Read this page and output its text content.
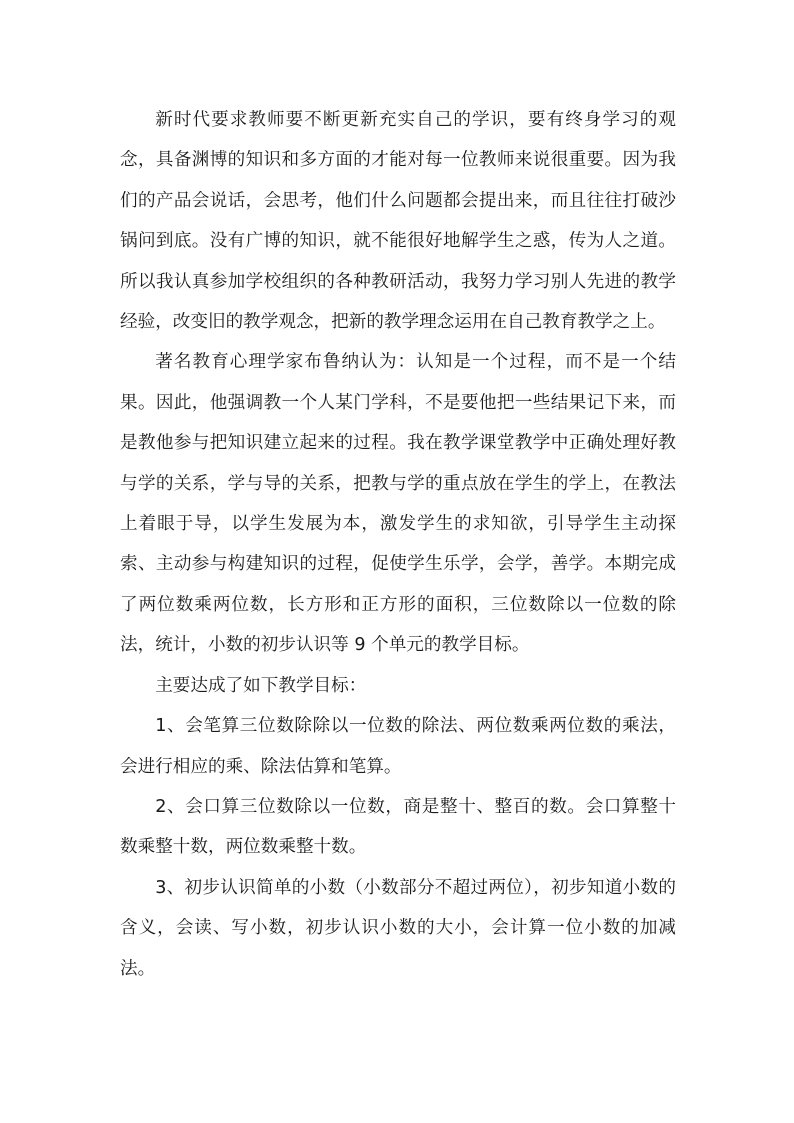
新时代要求教师要不断更新充实自己的学识，要有终身学习的观念，具备渊博的知识和多方面的才能对每一位教师来说很重要。因为我们的产品会说话，会思考，他们什么问题都会提出来，而且往往打破沙锅问到底。没有广博的知识，就不能很好地解学生之惑，传为人之道。所以我认真参加学校组织的各种教研活动，我努力学习别人先进的教学经验，改变旧的教学观念，把新的教学理念运用在自己教育教学之上。

著名教育心理学家布鲁纳认为：认知是一个过程，而不是一个结果。因此，他强调教一个人某门学科，不是要他把一些结果记下来，而是教他参与把知识建立起来的过程。我在教学课堂教学中正确处理好教与学的关系，学与导的关系，把教与学的重点放在学生的学上，在教法上着眼于导，以学生发展为本，激发学生的求知欲，引导学生主动探索、主动参与构建知识的过程，促使学生乐学，会学，善学。本期完成了两位数乘两位数，长方形和正方形的面积，三位数除以一位数的除法，统计，小数的初步认识等 9 个单元的教学目标。

主要达成了如下教学目标：

1、会笔算三位数除除以一位数的除法、两位数乘两位数的乘法，会进行相应的乘、除法估算和笔算。

2、会口算三位数除以一位数，商是整十、整百的数。会口算整十数乘整十数，两位数乘整十数。

3、初步认识简单的小数（小数部分不超过两位），初步知道小数的含义，会读、写小数，初步认识小数的大小，会计算一位小数的加减法。
